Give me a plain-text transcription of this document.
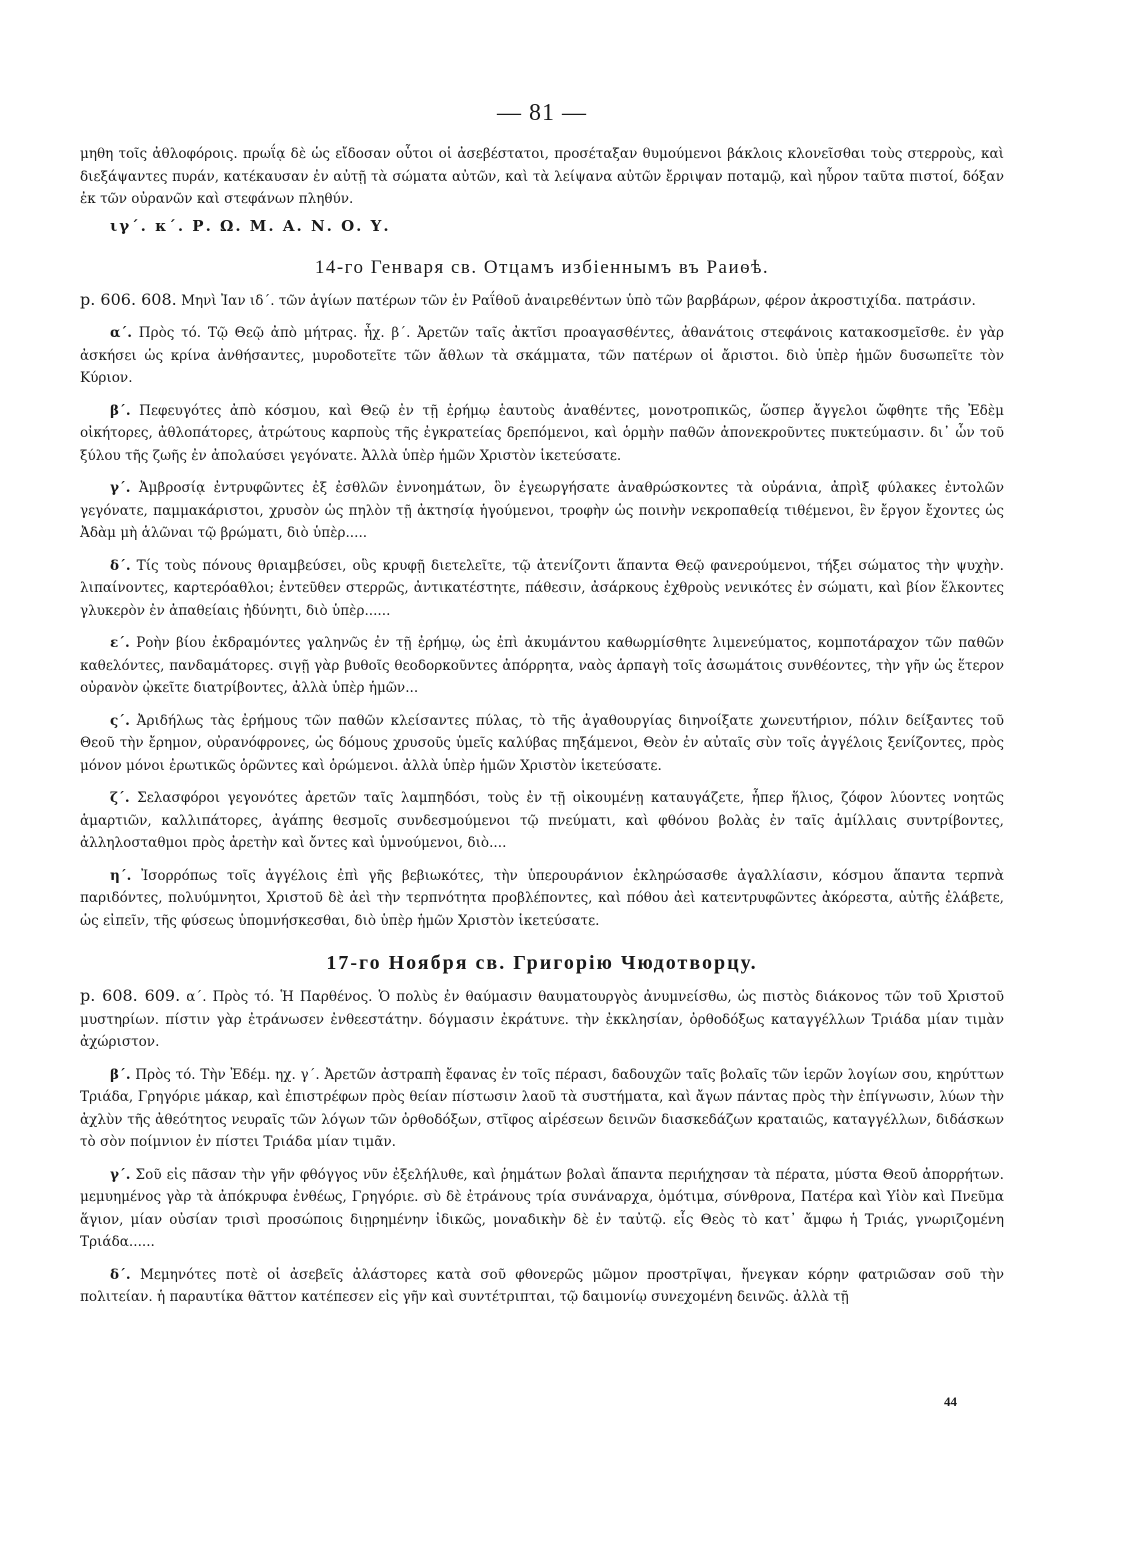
— 81 —

μηθη τοῖς ἀθλοφόροις. πρωΐᾳ δὲ ὡς εἴδοσαν οὗτοι οἱ ἀσεβέστατοι, προσέταξαν θυμούμενοι βάκλοις κλονεῖσθαι τοὺς στερροὺς, καὶ διεξάψαντες πυράν, κατέκαυσαν ἐν αὐτῇ τὰ σώματα αὐτῶν, καὶ τὰ λείψανα αὐτῶν ἔρριψαν ποταμῷ, καὶ ηὗρον ταῦτα πιστοί, δόξαν ἐκ τῶν οὐρανῶν καὶ στεφάνων πληθύν.

ιγ΄. κ΄. Ρ. Ω. Μ. Α. Ν. Ο. Υ.
14-го Генваря св. Отцамъ избiеннымъ въ Раиѳѣ.

р. 606. 608. Μηνὶ Ἰαν ιδ΄. τῶν ἁγίων πατέρων τῶν ἐν Ραΐθοῦ ἀναιρεθέντων ὑπὸ τῶν βαρβάρων, φέρον ἀκροστιχίδα. πατράσιν.

α΄. Πρὸς τό. Τῷ Θεῷ ἀπὸ μήτρας. ἦχ. β΄. Ἀρετῶν ταῖς ἀκτῖσι προαγασθέντες, ἀθανάτοις στεφάνοις κατακοσμεῖσθε. ἐν γὰρ ἀσκήσει ὡς κρίνα ἀνθήσαντες, μυροδοτεῖτε τῶν ἄθλων τὰ σκάμματα, τῶν πατέρων οἱ ἄριστοι. διὸ ὑπὲρ ἡμῶν δυσωπεῖτε τὸν Κύριον.

β΄. Πεφευγότες ἀπὸ κόσμου, καὶ Θεῷ ἐν τῇ ἐρήμῳ ἑαυτοὺς ἀναθέντες, μονοτροπικῶς, ὥσπερ ἄγγελοι ὤφθητε τῆς Ἐδὲμ οἰκήτορες, ἀθλοπάτορες, ἀτρώτους καρποὺς τῆς ἐγκρατείας δρεπόμενοι, καὶ ὁρμὴν παθῶν ἀπονεκροῦντες πυκτεύμασιν. δι᾽ ὧν τοῦ ξύλου τῆς ζωῆς ἐν ἀπολαύσει γεγόνατε. Ἀλλὰ ὑπὲρ ἡμῶν Χριστὸν ἱκετεύσατε.

γ΄. Ἀμβροσίᾳ ἐντρυφῶντες ἐξ ἐσθλῶν ἐννοημάτων, ὃν ἐγεωργήσατε ἀναθρώσκοντες τὰ οὐράνια, ἀπρὶξ φύλακες ἐντολῶν γεγόνατε, παμμακάριστοι, χρυσὸν ὡς πηλὸν τῇ ἀκτησίᾳ ἡγούμενοι, τροφὴν ὡς ποινὴν νεκροπαθείᾳ τιθέμενοι, ἓν ἔργον ἔχοντες ὡς Ἀδὰμ μὴ ἁλῶναι τῷ βρώματι, διὸ ὑπὲρ.....

δ΄. Τίς τοὺς πόνους θριαμβεύσει, οὓς κρυφῇ διετελεῖτε, τῷ ἀτενίζοντι ἅπαντα Θεῷ φανερούμενοι, τήξει σώματος τὴν ψυχὴν. λιπαίνοντες, καρτερόαθλοι; ἐντεῦθεν στερρῶς, ἀντικατέστητε, πάθεσιν, ἀσάρκους ἐχθροὺς νενικότες ἐν σώματι, καὶ βίον ἕλκοντες γλυκερὸν ἐν ἀπαθείαις ἠδύνητι, διὸ ὑπὲρ......

ε΄. Ροὴν βίου ἐκδραμόντες γαληνῶς ἐν τῇ ἐρήμῳ, ὡς ἐπὶ ἀκυμάντου καθωρμίσθητε λιμενεύματος, κομποτάραχον τῶν παθῶν καθελόντες, πανδαμάτορες. σιγῇ γὰρ βυθοῖς θεοδορκοῦντες ἀπόρρητα, ναὸς ἁρπαγὴ τοῖς ἀσωμάτοις συνθέοντες, τὴν γῆν ὡς ἕτερον οὐρανὸν ᾠκεῖτε διατρίβοντες, ἀλλὰ ὑπὲρ ἡμῶν...

ς΄. Ἀριδήλως τὰς ἐρήμους τῶν παθῶν κλείσαντες πύλας, τὸ τῆς ἀγαθουργίας διηνοίξατε χωνευτήριον, πόλιν δείξαντες τοῦ Θεοῦ τὴν ἔρημον, οὐρανόφρονες, ὡς δόμους χρυσοῦς ὑμεῖς καλύβας πηξάμενοι, Θεὸν ἐν αὐταῖς σὺν τοῖς ἀγγέλοις ξενίζοντες, πρὸς μόνον μόνοι ἐρωτικῶς ὁρῶντες καὶ ὁρώμενοι. ἀλλὰ ὑπὲρ ἡμῶν Χριστὸν ἱκετεύσατε.

ζ΄. Σελασφόροι γεγονότες ἀρετῶν ταῖς λαμπηδόσι, τοὺς ἐν τῇ οἰκουμένῃ καταυγάζετε, ἧπερ ἥλιος, ζόφον λύοντες νοητῶς ἁμαρτιῶν, καλλιπάτορες, ἀγάπης θεσμοῖς συνδεσμούμενοι τῷ πνεύματι, καὶ φθόνου βολὰς ἐν ταῖς ἁμίλλαις συντρίβοντες, ἀλληλοσταθμοι πρὸς ἀρετὴν καὶ ὄντες καὶ ὑμνούμενοι, διὸ....

η΄. Ἰσορρόπως τοῖς ἀγγέλοις ἐπὶ γῆς βεβιωκότες, τὴν ὑπερουράνιον ἐκληρώσασθε ἀγαλλίασιν, κόσμου ἅπαντα τερπνὰ παριδόντες, πολυύμνητοι, Χριστοῦ δὲ ἀεὶ τὴν τερπνότητα προβλέποντες, καὶ πόθου ἀεὶ κατεντρυφῶντες ἀκόρεστα, αὐτῆς ἐλάβετε, ὡς εἰπεῖν, τῆς φύσεως ὑπομνήσκεσθαι, διὸ ὑπὲρ ἡμῶν Χριστὸν ἱκετεύσατε.

17-го Ноября св. Григорiю Чюдотворцу.

р. 608. 609. α΄. Πρὸς τό. Ἡ Παρθένος. Ὁ πολὺς ἐν θαύμασιν θαυματουργὸς ἀνυμνείσθω, ὡς πιστὸς διάκονος τῶν τοῦ Χριστοῦ μυστηρίων. πίστιν γὰρ ἐτράνωσεν ἐνθεεστάτην. δόγμασιν ἐκράτυνε. τὴν ἐκκλησίαν, ὀρθοδόξως καταγγέλλων Τριάδα μίαν τιμὰν ἀχώριστον.

β΄. Πρὸς τό. Τὴν Ἐδέμ. ηχ. γ΄. Ἀρετῶν ἀστραπὴ ἔφανας ἐν τοῖς πέρασι, δαδουχῶν ταῖς βολαῖς τῶν ἱερῶν λογίων σου, κηρύττων Τριάδα, Γρηγόριε μάκαρ, καὶ ἐπιστρέφων πρὸς θείαν πίστωσιν λαοῦ τὰ συστήματα, καὶ ἄγων πάντας πρὸς τὴν ἐπίγνωσιν, λύων τὴν ἀχλὺν τῆς ἀθεότητος νευραῖς τῶν λόγων τῶν ὀρθοδόξων, στῖφος αἱρέσεων δεινῶν διασκεδάζων κραταιῶς, καταγγέλλων, διδάσκων τὸ σὸν ποίμνιον ἐν πίστει Τριάδα μίαν τιμᾶν.

γ΄. Σοῦ εἰς πᾶσαν τὴν γῆν φθόγγος νῦν ἐξελήλυθε, καὶ ῥημάτων βολαὶ ἅπαντα περιήχησαν τὰ πέρατα, μύστα Θεοῦ ἀπορρήτων. μεμυημένος γὰρ τὰ ἀπόκρυφα ἐνθέως, Γρηγόριε. σὺ δὲ ἐτράνους τρία συνάναρχα, ὁμότιμα, σύνθρονα, Πατέρα καὶ Υἱὸν καὶ Πνεῦμα ἅγιον, μίαν οὐσίαν τρισὶ προσώποις διῃρημένην ἰδικῶς, μοναδικὴν δὲ ἐν ταὐτῷ. εἷς Θεὸς τὸ κατ᾽ ἄμφω ἡ Τριάς, γνωριζομένη Τριάδα......

δ΄. Μεμηνότες ποτὲ οἱ ἀσεβεῖς ἀλάστορες κατὰ σοῦ φθονερῶς μῶμον προστρῖψαι, ἤνεγκαν κόρην φατριῶσαν σοῦ τὴν πολιτείαν. ἡ παραυτίκα θᾶττον κατέπεσεν εἰς γῆν καὶ συντέτριπται, τῷ δαιμονίῳ συνεχομένη δεινῶς. ἀλλὰ τῇ

44
